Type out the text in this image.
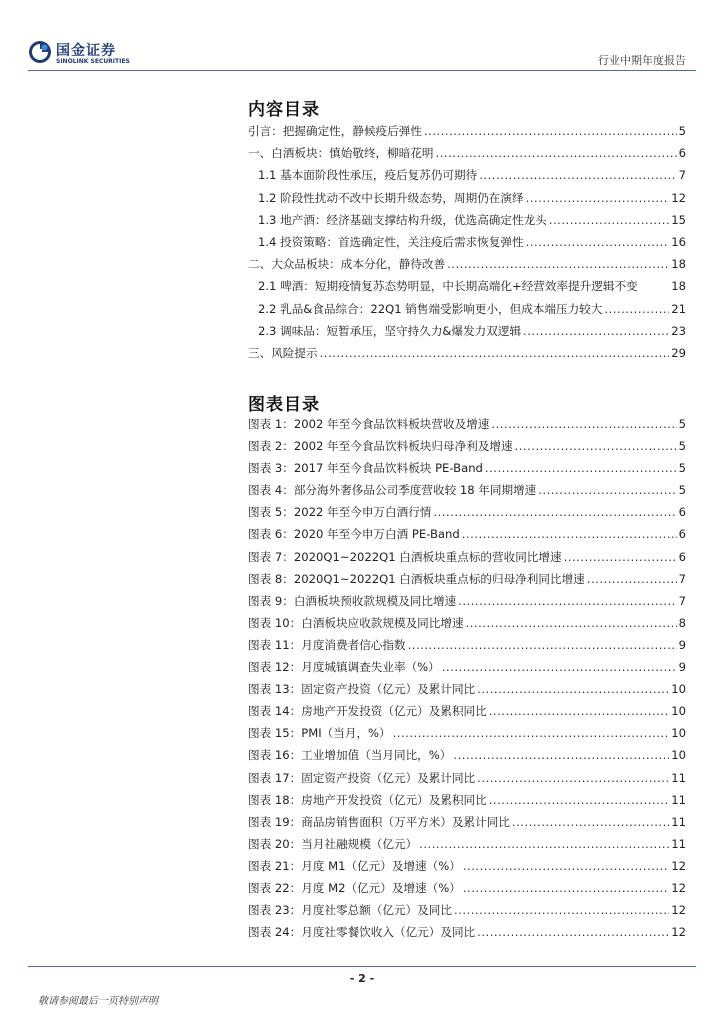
国金证券
SINOLINK SECURITIES	行业中期年度报告
内容目录
引言：把握确定性，静候疫后弹性 .....	5
一、白酒板块：慎始敬终，柳暗花明 .....	6
1.1 基本面阶段性承压，疫后复苏仍可期待 .....	7
1.2 阶段性扰动不改中长期升级态势，周期仍在演绎 .....	12
1.3 地产酒：经济基础支撑结构升级，优选高确定性龙头 .....	15
1.4 投资策略：首选确定性，关注疫后需求恢复弹性 .....	16
二、大众品板块：成本分化，静待改善 .....	18
2.1 啤酒：短期疫情复苏态势明显，中长期高端化+经营效率提升逻辑不变	18
2.2 乳品&食品综合：22Q1 销售端受影响更小，但成本端压力较大 .....	21
2.3 调味品：短暂承压，坚守持久力&爆发力双逻辑 .....	23
三、风险提示 .....	29
图表目录
图表 1：2002 年至今食品饮料板块营收及增速 .....	5
图表 2：2002 年至今食品饮料板块归母净利及增速 .....	5
图表 3：2017 年至今食品饮料板块 PE-Band .....	5
图表 4：部分海外奢侈品公司季度营收较 18 年同期增速 .....	5
图表 5：2022 年至今申万白酒行情 .....	6
图表 6：2020 年至今申万白酒 PE-Band .....	6
图表 7：2020Q1~2022Q1 白酒板块重点标的营收同比增速 .....	6
图表 8：2020Q1~2022Q1 白酒板块重点标的归母净利同比增速 .....	7
图表 9：白酒板块预收款规模及同比增速 .....	7
图表 10：白酒板块应收款规模及同比增速 .....	8
图表 11：月度消费者信心指数 .....	9
图表 12：月度城镇调查失业率（%） .....	9
图表 13：固定资产投资（亿元）及累计同比 .....	10
图表 14：房地产开发投资（亿元）及累积同比 .....	10
图表 15：PMI（当月，%） .....	10
图表 16：工业增加值（当月同比，%） .....	10
图表 17：固定资产投资（亿元）及累计同比 .....	11
图表 18：房地产开发投资（亿元）及累积同比 .....	11
图表 19：商品房销售面积（万平方米）及累计同比 .....	11
图表 20：当月社融规模（亿元） .....	11
图表 21：月度 M1（亿元）及增速（%） .....	12
图表 22：月度 M2（亿元）及增速（%） .....	12
图表 23：月度社零总额（亿元）及同比 .....	12
图表 24：月度社零餐饮收入（亿元）及同比 .....	12
- 2 -
敬请参阅最后一页特别声明
